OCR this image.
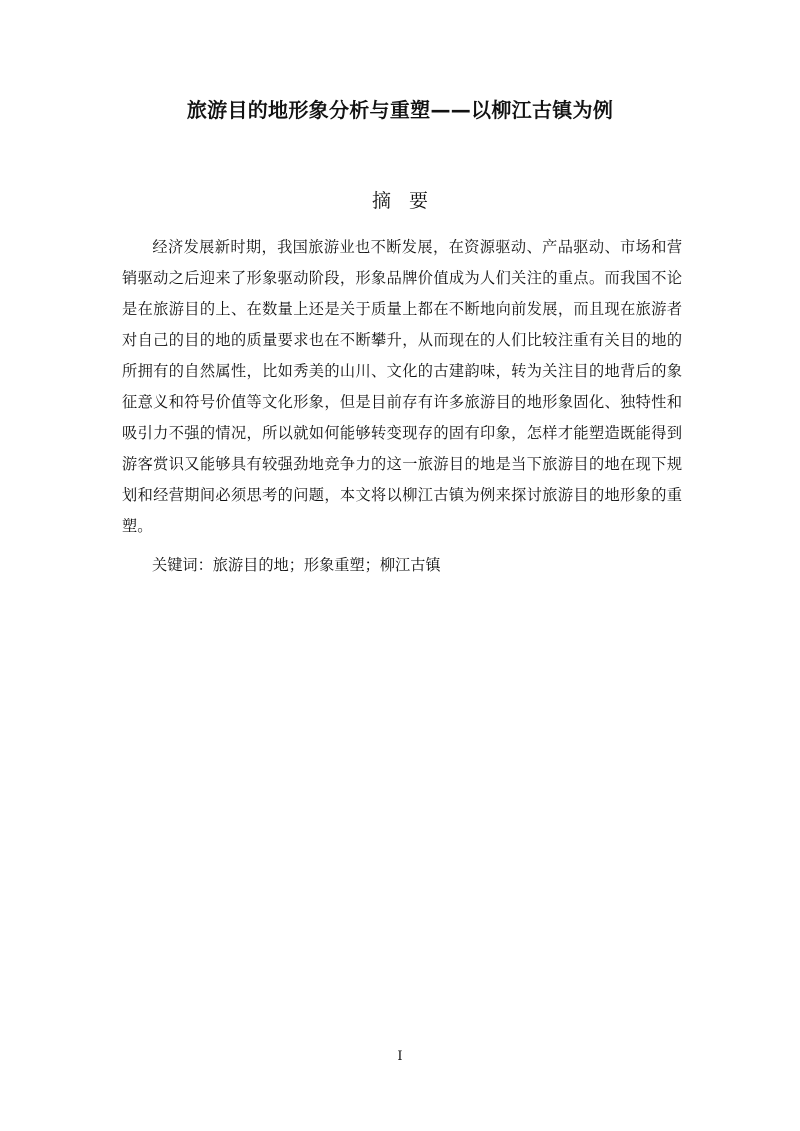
旅游目的地形象分析与重塑——以柳江古镇为例
摘要

经济发展新时期，我国旅游业也不断发展，在资源驱动、产品驱动、市场和营销驱动之后迎来了形象驱动阶段，形象品牌价值成为人们关注的重点。而我国不论是在旅游目的上、在数量上还是关于质量上都在不断地向前发展，而且现在旅游者对自己的目的地的质量要求也在不断攀升，从而现在的人们比较注重有关目的地的所拥有的自然属性，比如秀美的山川、文化的古建韵味，转为关注目的地背后的象征意义和符号价值等文化形象，但是目前存有许多旅游目的地形象固化、独特性和吸引力不强的情况，所以就如何能够转变现存的固有印象，怎样才能塑造既能得到游客赏识又能够具有较强劲地竞争力的这一旅游目的地是当下旅游目的地在现下规划和经营期间必须思考的问题，本文将以柳江古镇为例来探讨旅游目的地形象的重塑。

关键词：旅游目的地；形象重塑；柳江古镇
I
